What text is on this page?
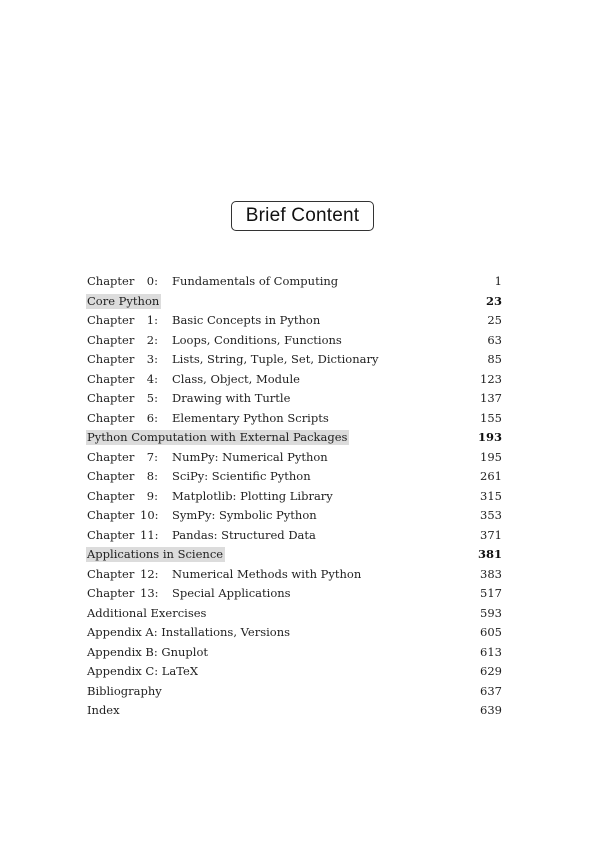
Brief Content
Chapter	0: Fundamentals of Computing	1
Core Python	23
Chapter	1: Basic Concepts in Python	25
Chapter	2: Loops, Conditions, Functions	63
Chapter	3: Lists, String, Tuple, Set, Dictionary	85
Chapter	4: Class, Object, Module	123
Chapter	5: Drawing with Turtle	137
Chapter	6: Elementary Python Scripts	155
Python Computation with External Packages	193
Chapter	7: NumPy: Numerical Python	195
Chapter	8: SciPy: Scientific Python	261
Chapter	9: Matplotlib: Plotting Library	315
Chapter 10: SymPy: Symbolic Python	353
Chapter 11: Pandas: Structured Data	371
Applications in Science	381
Chapter 12: Numerical Methods with Python	383
Chapter 13: Special Applications	517
Additional Exercises	593
Appendix A: Installations, Versions	605
Appendix B: Gnuplot	613
Appendix C: LaTeX	629
Bibliography	637
Index	639
